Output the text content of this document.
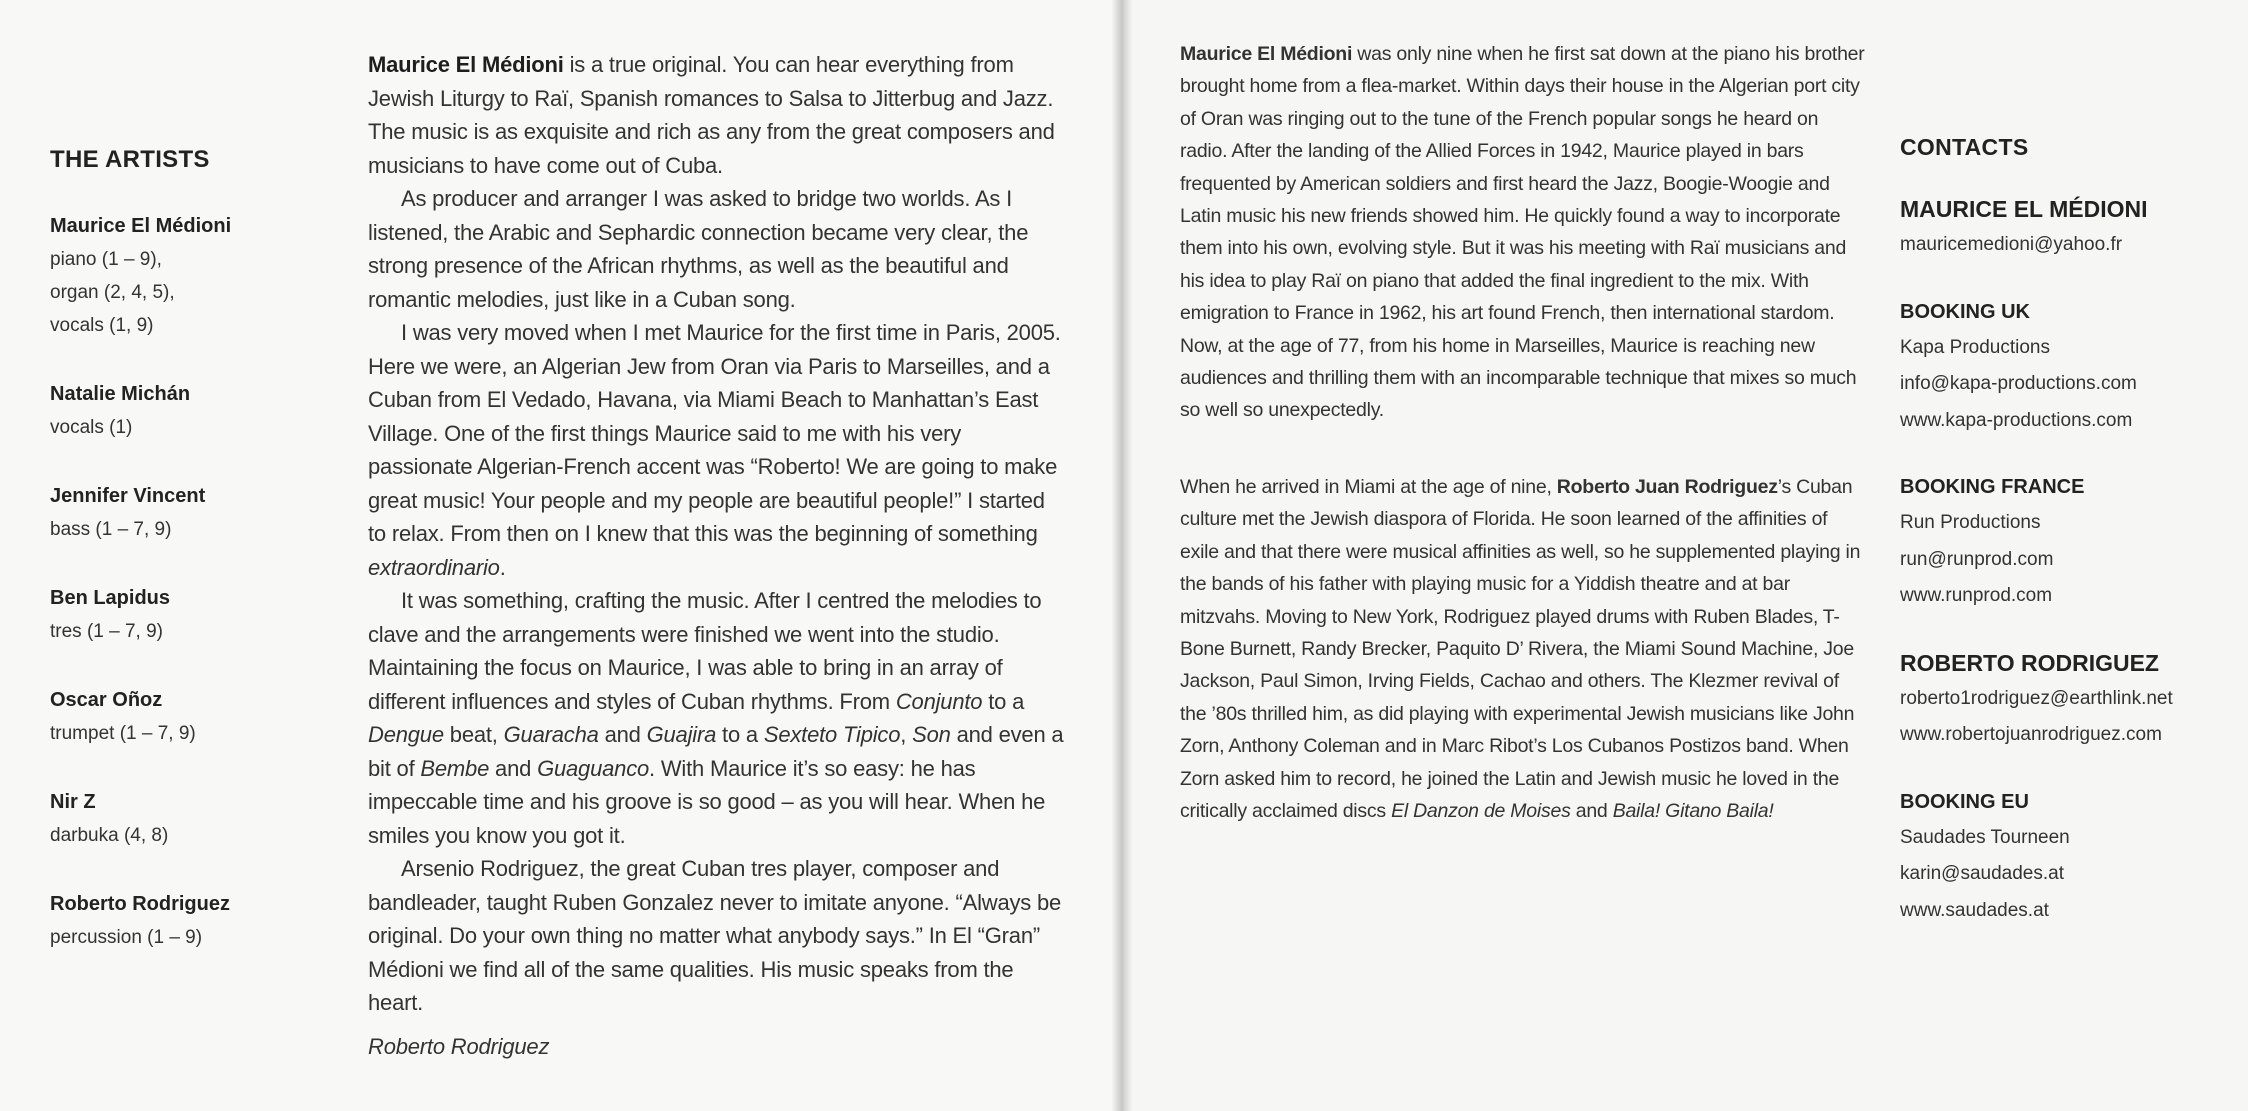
THE ARTISTS
Maurice El Médioni
piano (1 – 9),
organ (2, 4, 5),
vocals (1, 9)
Natalie Michán
vocals (1)
Jennifer Vincent
bass (1 – 7, 9)
Ben Lapidus
tres (1 – 7, 9)
Oscar Oñoz
trumpet (1 – 7, 9)
Nir Z
darbuka (4, 8)
Roberto Rodriguez
percussion (1 – 9)

Maurice El Médioni is a true original. You can hear everything from Jewish Liturgy to Raï, Spanish romances to Salsa to Jitterbug and Jazz. The music is as exquisite and rich as any from the great composers and musicians to have come out of Cuba.

As producer and arranger I was asked to bridge two worlds. As I listened, the Arabic and Sephardic connection became very clear, the strong presence of the African rhythms, as well as the beautiful and romantic melodies, just like in a Cuban song.

I was very moved when I met Maurice for the first time in Paris, 2005. Here we were, an Algerian Jew from Oran via Paris to Marseilles, and a Cuban from El Vedado, Havana, via Miami Beach to Manhattan’s East Village. One of the first things Maurice said to me with his very passionate Algerian-French accent was “Roberto! We are going to make great music! Your people and my people are beautiful people!” I started to relax. From then on I knew that this was the beginning of something extraordinario.

It was something, crafting the music. After I centred the melodies to clave and the arrangements were finished we went into the studio. Maintaining the focus on Maurice, I was able to bring in an array of different influences and styles of Cuban rhythms. From Conjunto to a Dengue beat, Guaracha and Guajira to a Sexteto Tipico, Son and even a bit of Bembe and Guaguanco. With Maurice it’s so easy: he has impeccable time and his groove is so good – as you will hear. When he smiles you know you got it.

Arsenio Rodriguez, the great Cuban tres player, composer and bandleader, taught Ruben Gonzalez never to imitate anyone. “Always be original. Do your own thing no matter what anybody says.” In El “Gran” Médioni we find all of the same qualities. His music speaks from the heart.

Roberto Rodriguez

Maurice El Médioni was only nine when he first sat down at the piano his brother brought home from a flea-market. Within days their house in the Algerian port city of Oran was ringing out to the tune of the French popular songs he heard on radio. After the landing of the Allied Forces in 1942, Maurice played in bars frequented by American soldiers and first heard the Jazz, Boogie-Woogie and Latin music his new friends showed him. He quickly found a way to incorporate them into his own, evolving style. But it was his meeting with Raï musicians and his idea to play Raï on piano that added the final ingredient to the mix. With emigration to France in 1962, his art found French, then international stardom. Now, at the age of 77, from his home in Marseilles, Maurice is reaching new audiences and thrilling them with an incomparable technique that mixes so much so well so unexpectedly.

When he arrived in Miami at the age of nine, Roberto Juan Rodriguez’s Cuban culture met the Jewish diaspora of Florida. He soon learned of the affinities of exile and that there were musical affinities as well, so he supplemented playing in the bands of his father with playing music for a Yiddish theatre and at bar mitzvahs. Moving to New York, Rodriguez played drums with Ruben Blades, T-Bone Burnett, Randy Brecker, Paquito D’ Rivera, the Miami Sound Machine, Joe Jackson, Paul Simon, Irving Fields, Cachao and others. The Klezmer revival of the ’80s thrilled him, as did playing with experimental Jewish musicians like John Zorn, Anthony Coleman and in Marc Ribot’s Los Cubanos Postizos band. When Zorn asked him to record, he joined the Latin and Jewish music he loved in the critically acclaimed discs El Danzon de Moises and Baila! Gitano Baila!

CONTACTS
MAURICE EL MÉDIONI
mauricemedioni@yahoo.fr
BOOKING UK
Kapa Productions
info@kapa-productions.com
www.kapa-productions.com
BOOKING FRANCE
Run Productions
run@runprod.com
www.runprod.com
ROBERTO RODRIGUEZ
roberto1rodriguez@earthlink.net
www.robertojuanrodriguez.com
BOOKING EU
Saudades Tourneen
karin@saudades.at
www.saudades.at
